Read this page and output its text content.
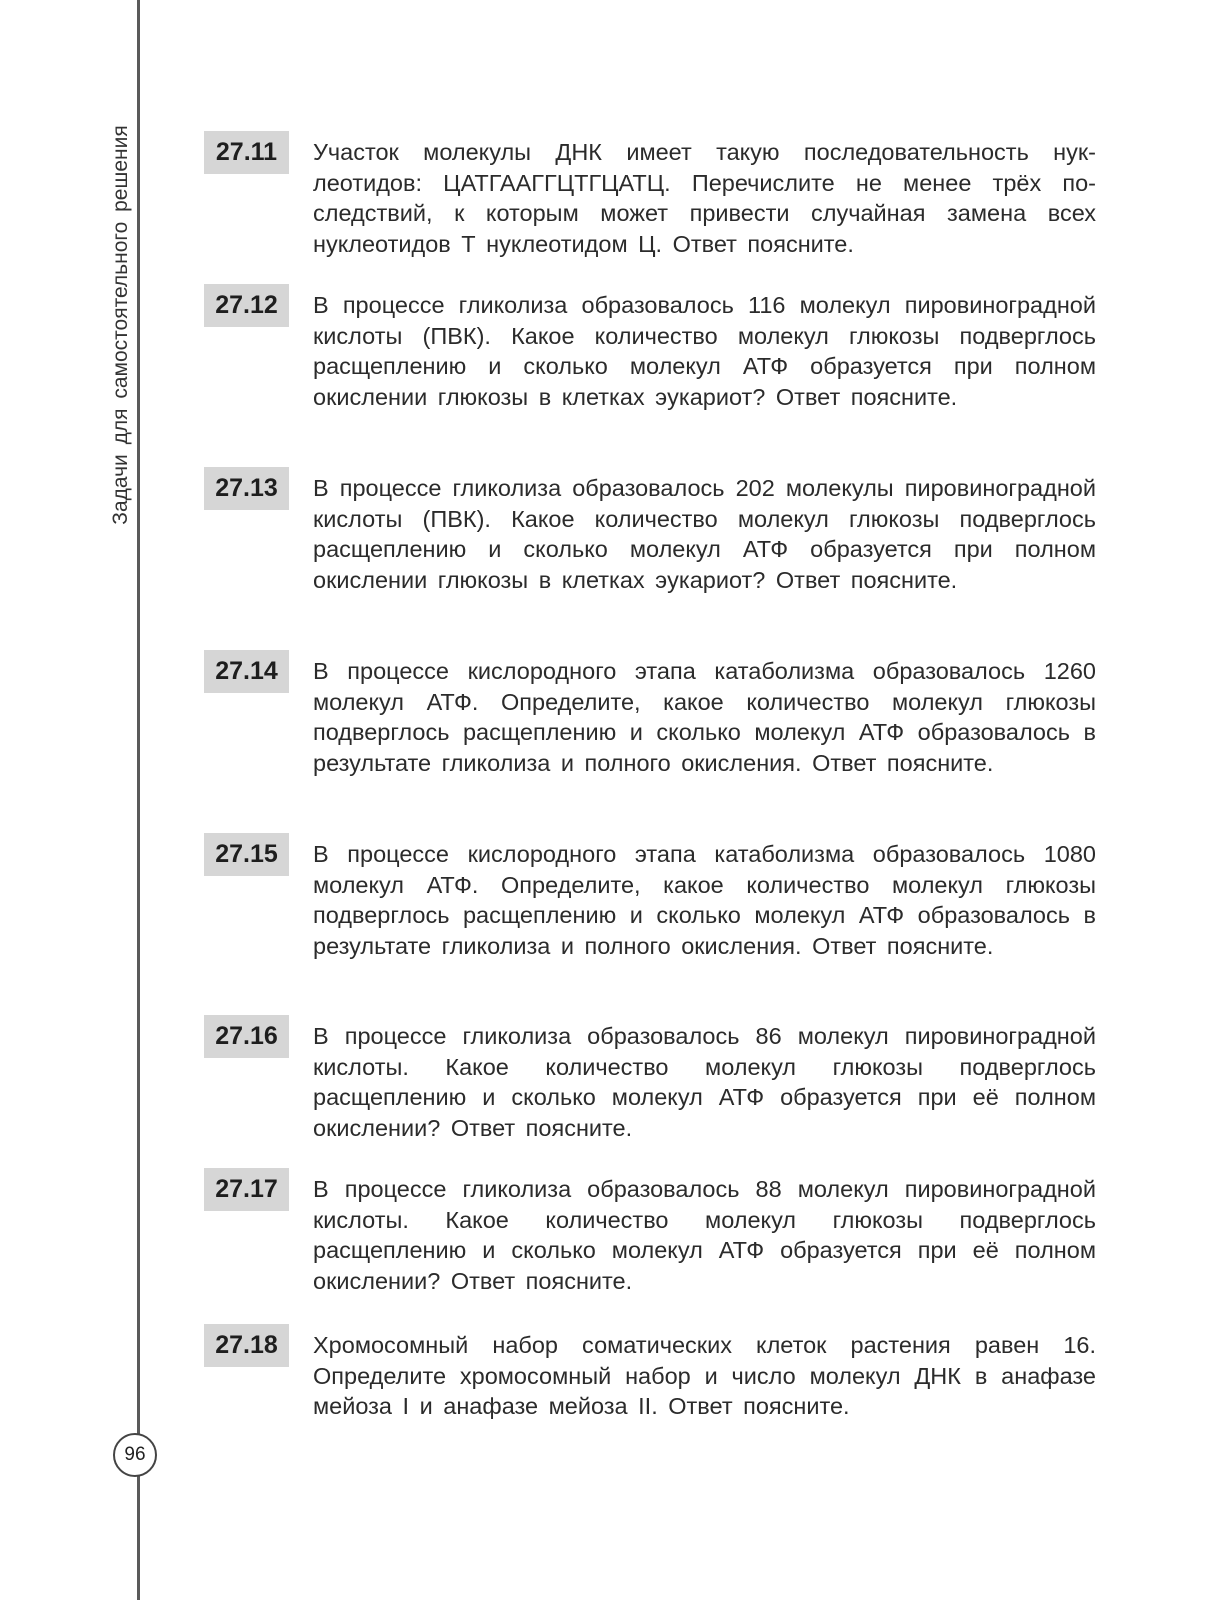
Задачи для самостоятельного решения
96
27.11	Участок молекулы ДНК имеет такую последовательность нуклеотидов: ЦАТГААГГЦТГЦАТЦ. Перечислите не менее трёх последствий, к которым может привести случайная замена всех нуклеотидов Т нуклеотидом Ц. Ответ поясните.
27.12	В процессе гликолиза образовалось 116 молекул пировиноградной кислоты (ПВК). Какое количество молекул глюкозы подверглось расщеплению и сколько молекул АТФ образуется при полном окислении глюкозы в клетках эукариот? Ответ поясните.
27.13	В процессе гликолиза образовалось 202 молекулы пировиноградной кислоты (ПВК). Какое количество молекул глюкозы подверглось расщеплению и сколько молекул АТФ образуется при полном окислении глюкозы в клетках эукариот? Ответ поясните.
27.14	В процессе кислородного этапа катаболизма образовалось 1260 молекул АТФ. Определите, какое количество молекул глюкозы подверглось расщеплению и сколько молекул АТФ образовалось в результате гликолиза и полного окисления. Ответ поясните.
27.15	В процессе кислородного этапа катаболизма образовалось 1080 молекул АТФ. Определите, какое количество молекул глюкозы подверглось расщеплению и сколько молекул АТФ образовалось в результате гликолиза и полного окисления. Ответ поясните.
27.16	В процессе гликолиза образовалось 86 молекул пировиноградной кислоты. Какое количество молекул глюкозы подверглось расщеплению и сколько молекул АТФ образуется при её полном окислении? Ответ поясните.
27.17	В процессе гликолиза образовалось 88 молекул пировиноградной кислоты. Какое количество молекул глюкозы подверглось расщеплению и сколько молекул АТФ образуется при её полном окислении? Ответ поясните.
27.18	Хромосомный набор соматических клеток растения равен 16. Определите хромосомный набор и число молекул ДНК в анафазе мейоза I и анафазе мейоза II. Ответ поясните.
